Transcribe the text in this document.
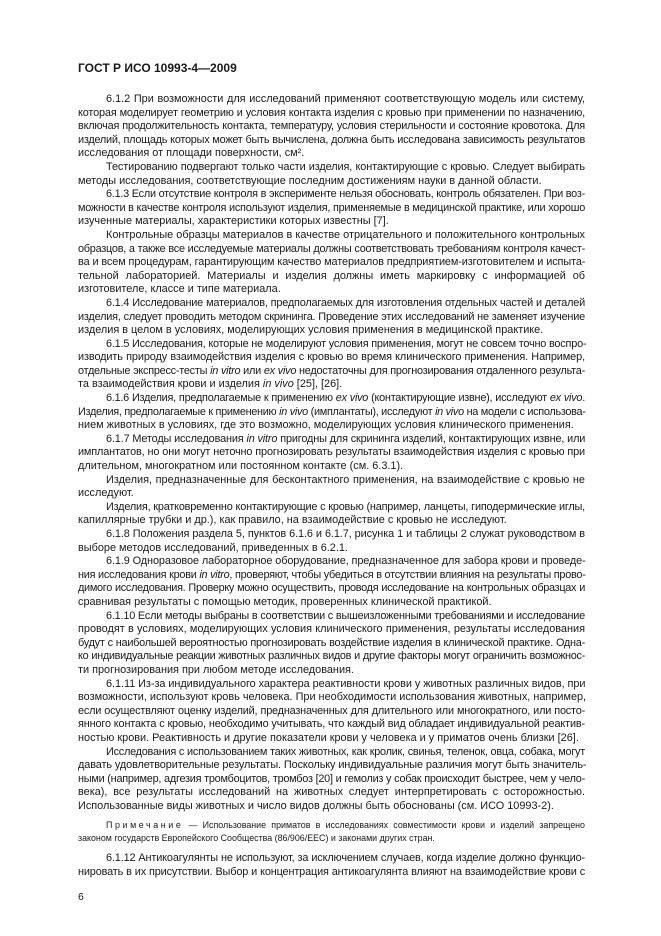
ГОСТ Р ИСО 10993-4—2009
6.1.2 При возможности для исследований применяют соответствующую модель или систему,
которая моделирует геометрию и условия контакта изделия с кровью при применении по назначению,
включая продолжительность контакта, температуру, условия стерильности и состояние кровотока. Для
изделий, площадь которых может быть вычислена, должна быть исследована зависимость результатов
исследования от площади поверхности, см².
Тестированию подвергают только части изделия, контактирующие с кровью. Следует выбирать
методы исследования, соответствующие последним достижениям науки в данной области.
6.1.3 Если отсутствие контроля в эксперименте нельзя обосновать, контроль обязателен. При воз-
можности в качестве контроля используют изделия, применяемые в медицинской практике, или хорошо
изученные материалы, характеристики которых известны [7].
Контрольные образцы материалов в качестве отрицательного и положительного контрольных
образцов, а также все исследуемые материалы должны соответствовать требованиям контроля качест-
ва и всем процедурам, гарантирующим качество материалов предприятием-изготовителем и испыта-
тельной лабораторией. Материалы и изделия должны иметь маркировку с информацией об
изготовителе, классе и типе материала.
6.1.4 Исследование материалов, предполагаемых для изготовления отдельных частей и деталей
изделия, следует проводить методом скрининга. Проведение этих исследований не заменяет изучение
изделия в целом в условиях, моделирующих условия применения в медицинской практике.
6.1.5 Исследования, которые не моделируют условия применения, могут не совсем точно воспро-
изводить природу взаимодействия изделия с кровью во время клинического применения. Например,
отдельные экспресс-тесты in vitro или ex vivo недостаточны для прогнозирования отдаленного результа-
та взаимодействия крови и изделия in vivo [25], [26].
6.1.6 Изделия, предполагаемые к применению ex vivo (контактирующие извне), исследуют ex vivo.
Изделия, предполагаемые к применению in vivo (имплантаты), исследуют in vivo на модели с использова-
нием животных в условиях, где это возможно, моделирующих условия клинического применения.
6.1.7 Методы исследования in vitro пригодны для скрининга изделий, контактирующих извне, или
имплантатов, но они могут неточно прогнозировать результаты взаимодействия изделия с кровью при
длительном, многократном или постоянном контакте (см. 6.3.1).
Изделия, предназначенные для бесконтактного применения, на взаимодействие с кровью не
исследуют.
Изделия, кратковременно контактирующие с кровью (например, ланцеты, гиподермические иглы,
капиллярные трубки и др.), как правило, на взаимодействие с кровью не исследуют.
6.1.8 Положения раздела 5, пунктов 6.1.6 и 6.1.7, рисунка 1 и таблицы 2 служат руководством в
выборе методов исследований, приведенных в 6.2.1.
6.1.9 Одноразовое лабораторное оборудование, предназначенное для забора крови и проведе-
ния исследования крови in vitro, проверяют, чтобы убедиться в отсутствии влияния на результаты прово-
димого исследования. Проверку можно осуществить, проводя исследование на контрольных образцах и
сравнивая результаты с помощью методик, проверенных клинической практикой.
6.1.10 Если методы выбраны в соответствии с вышеизложенными требованиями и исследование
проводят в условиях, моделирующих условия клинического применения, результаты исследования
будут с наибольшей вероятностью прогнозировать воздействие изделия в клинической практике. Одна-
ко индивидуальные реакции животных различных видов и другие факторы могут ограничить возможнос-
ти прогнозирования при любом методе исследования.
6.1.11 Из-за индивидуального характера реактивности крови у животных различных видов, при
возможности, используют кровь человека. При необходимости использования животных, например,
если осуществляют оценку изделий, предназначенных для длительного или многократного, или посто-
янного контакта с кровью, необходимо учитывать, что каждый вид обладает индивидуальной реактив-
ностью крови. Реактивность и другие показатели крови у человека и у приматов очень близки [26].
Исследования с использованием таких животных, как кролик, свинья, теленок, овца, собака, могут
давать удовлетворительные результаты. Поскольку индивидуальные различия могут быть значитель-
ными (например, адгезия тромбоцитов, тромбоз [20] и гемолиз у собак происходит быстрее, чем у чело-
века), все результаты исследований на животных следует интерпретировать с осторожностью.
Использованные виды животных и число видов должны быть обоснованы (см. ИСО 10993-2).
Примечание — Использование приматов в исследованиях совместимости крови и изделий запрещено
законом государств Европейского Сообщества (86/906/EEC) и законами других стран.
6.1.12 Антикоагулянты не используют, за исключением случаев, когда изделие должно функцио-
нировать в их присутствии. Выбор и концентрация антикоагулянта влияют на взаимодействие крови с
6
